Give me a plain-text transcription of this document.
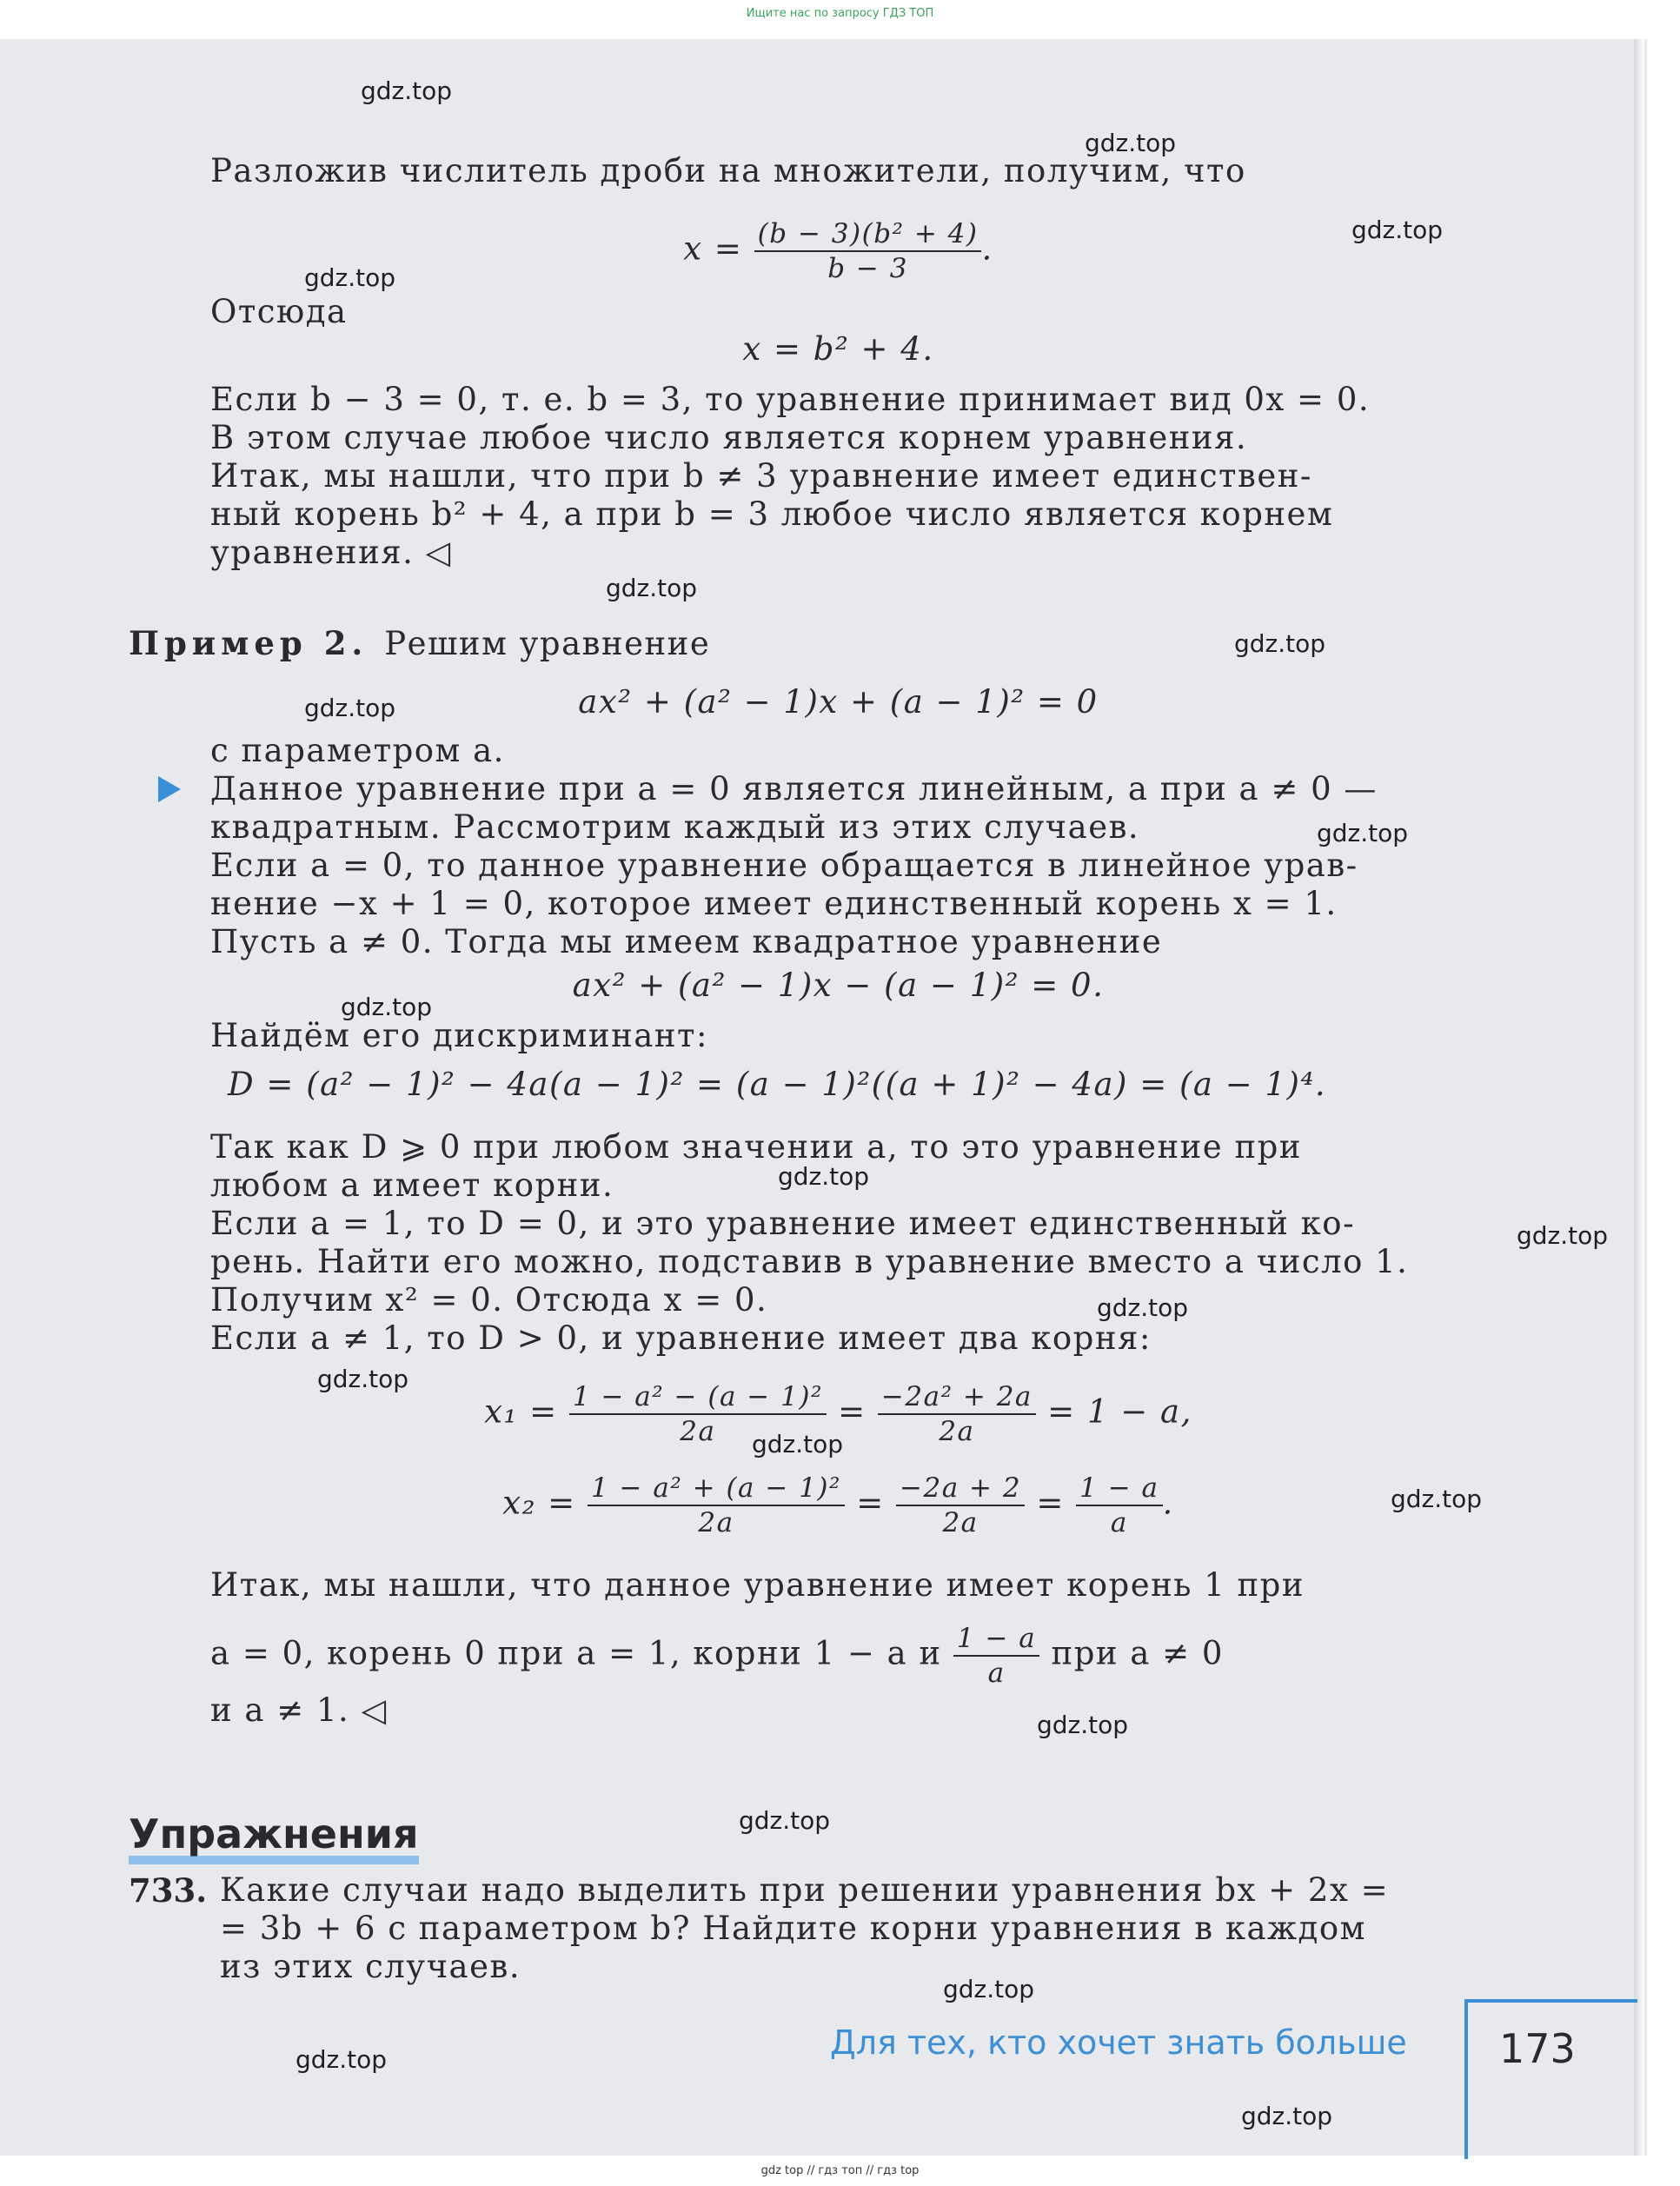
Ищите нас по запросу ГДЗ ТОП
gdz.top
gdz.top
gdz.top
gdz.top
gdz.top
gdz.top
gdz.top
gdz.top
gdz.top
gdz.top
gdz.top
gdz.top
gdz.top
gdz.top
gdz.top
gdz.top
gdz.top
gdz.top
gdz.top
gdz.top
Разложив числитель дроби на множители, получим, что
$x = \frac{\text{(b − 3)(b² + 4)}}{b - 3}$ .
Отсюда
x = b² + 4.
Если b − 3 = 0, т. е. b = 3, то уравнение принимает вид 0x = 0.
В этом случае любое число является корнем уравнения.
Итак, мы нашли, что при b ≠ 3 уравнение имеет единствен-
ный корень b² + 4, а при b = 3 любое число является корнем
уравнения. ◁
ax² + (a² − 1)x + (a − 1)² = 0
с параметром a.
Данное уравнение при a = 0 является линейным, а при a ≠ 0 —
квадратным. Рассмотрим каждый из этих случаев.
Если a = 0, то данное уравнение обращается в линейное урав-
нение −x + 1 = 0, которое имеет единственный корень x = 1.
Пусть a ≠ 0. Тогда мы имеем квадратное уравнение
ax² + (a² − 1)x − (a − 1)² = 0.
Найдём его дискриминант:
D = (a² − 1)² − 4a(a − 1)² = (a − 1)²((a + 1)² − 4a) = (a − 1)⁴.
Так как D ⩾ 0 при любом значении a, то это уравнение при
любом a имеет корни.
Если a = 1, то D = 0, и это уравнение имеет единственный ко-
рень. Найти его можно, подставив в уравнение вместо a число 1.
Получим x² = 0. Отсюда x = 0.
Если a ≠ 1, то D > 0, и уравнение имеет два корня:
$x_1 = \frac{\text{1 − a² − (a − 1)²}}{2a} = \frac{\text{−2a² + 2a}}{2a} = 1 - a$,
$x_2 = \frac{\text{1 − a² + (a − 1)²}}{2a} = \frac{-2a + 2}{2a} = \frac{1 - a}{a}$ .
Итак, мы нашли, что данное уравнение имеет корень 1 при
a = 0, корень 0 при a = 1, корни 1 − a и $\frac{1 - a}{a}$ при a ≠ 0
и a ≠ 1. ◁
Пример 2. Решим уравнение
Упражнения
733. Какие случаи надо выделить при решении уравнения bx + 2x =
= 3b + 6 с параметром b? Найдите корни уравнения в каждом
из этих случаев.
Для тех, кто хочет знать больше 173
gdz top // гдз топ // гдз top
